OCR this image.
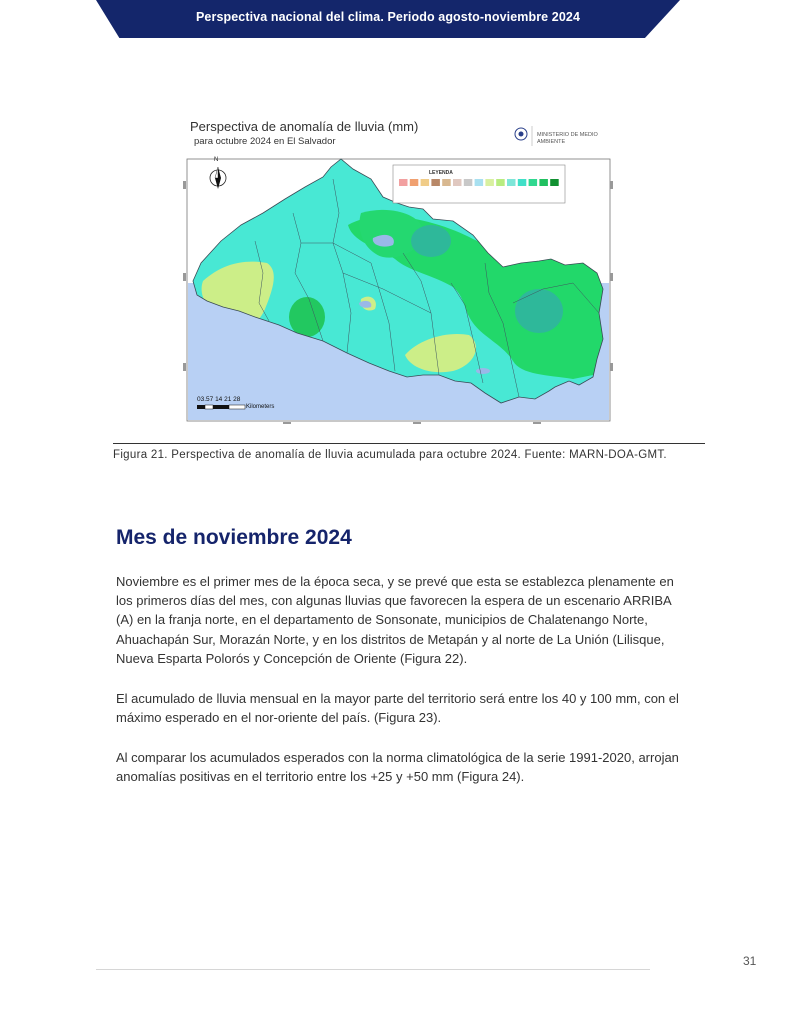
Perspectiva nacional del clima. Periodo agosto-noviembre 2024
Perspectiva de anomalía de lluvia (mm)
para octubre 2024 en El Salvador
MINISTERIO DE MEDIO AMBIENTE
LEYENDA
N
03.57 14 21 28
Kilometers
Figura 21. Perspectiva de anomalía de lluvia acumulada para octubre 2024. Fuente: MARN-DOA-GMT.
Mes de noviembre 2024

Noviembre es el primer mes de la época seca, y se prevé que esta se establezca plenamente en los primeros días del mes, con algunas lluvias que favorecen la espera de un escenario ARRIBA (A) en la franja norte, en el departamento de Sonsonate, municipios de Chalatenango Norte, Ahuachapán Sur, Morazán Norte, y en los distritos de Metapán y al norte de La Unión (Lilisque, Nueva Esparta Polorós y Concepción de Oriente (Figura 22).

El acumulado de lluvia mensual en la mayor parte del territorio será entre los 40 y 100 mm, con el máximo esperado en el nor-oriente del país. (Figura 23).

Al comparar los acumulados esperados con la norma climatológica de la serie 1991-2020, arrojan anomalías positivas en el territorio entre los +25 y +50 mm (Figura 24).

31
